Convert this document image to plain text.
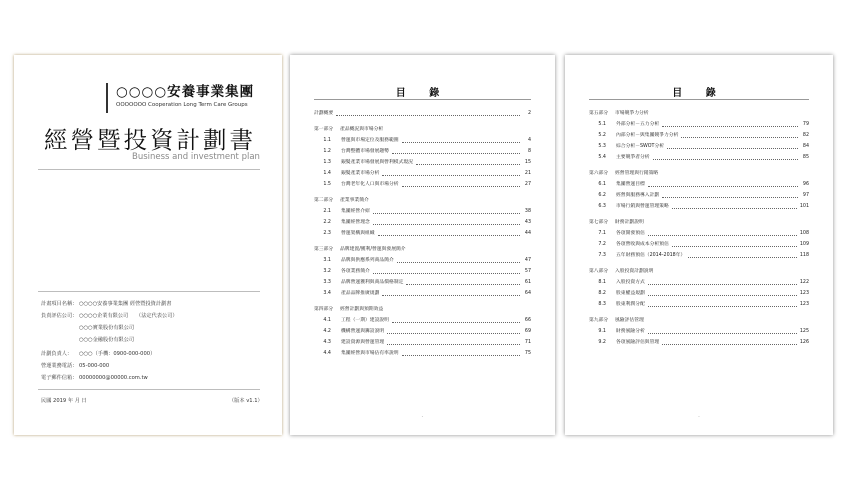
○○○○安養事業集團
OOOOOOO Cooperation Long Term Care Groups
經營暨投資計劃書
Business and investment plan
計畫項目名稱： ○○○○安養事業集團 經營暨投資計劃書
負責評估公司： ○○○○企業有限公司　　（法定代表公司）
○○○實業股份有限公司
○○○金融股份有限公司
計劃負責人： ○○○（手機：0900-000-000）
營運業務電話： 05-000-000
電子郵件信箱： 00000000@00000.com.tw
民國 2019 年 月 日	（版本 v1.1）
目 錄
計劃概要	2
第一部分	產品概況與市場分析
1.1	營運與市場定位及服務範圍	4
1.2	台灣整體市場發展趨勢	8
1.3	銀髮產業市場發展與營利模式現況	15
1.4	銀髮產業市場分析	21
1.5	台灣老年化人口與市場分析	27
第二部分	產業事業簡介
2.1	集團經營介紹	38
2.2	集團經營理念	43
2.3	營運架構與組織	44
第三部分	品牌建置/獲利/營運與發展簡介
3.1	品牌與供應系列商品簡介	47
3.2	各項業務簡介	57
3.3	品牌營運獲利與商品價格制定	61
3.4	產品品牌推廣規劃	64
第四部分	經營計劃與預期效益
4.1	工程（一期）建設說明	66
4.2	機構營運與籌設說明	69
4.3	建設資源與營運管理	71
4.4	集團經營與市場佔有率說明	75
-
目 錄
第五部分	市場競爭力分析
5.1	外部分析－五力分析	79
5.2	內部分析－與集團競爭力分析	82
5.3	綜合分析－SWOT分析	84
5.4	主要競爭者分析	85
第六部分	經營管理與行銷策略
6.1	集團營運目標	96
6.2	經營與服務導入計劃	97
6.3	市場行銷與營運管理策略	101
第七部分	財務計劃說明
7.1	各項開發預估	108
7.2	各項營收與成本分析預估	109
7.3	五年財務預估（2014-2018年）	118
第八部分	入股投資計劃說明
8.1	入股投資方式	122
8.2	股東權益規劃	123
8.3	股東利潤分配	123
第九部分	風險評估管理
9.1	財務風險分析	125
9.2	各項風險評估與管理	126
-
